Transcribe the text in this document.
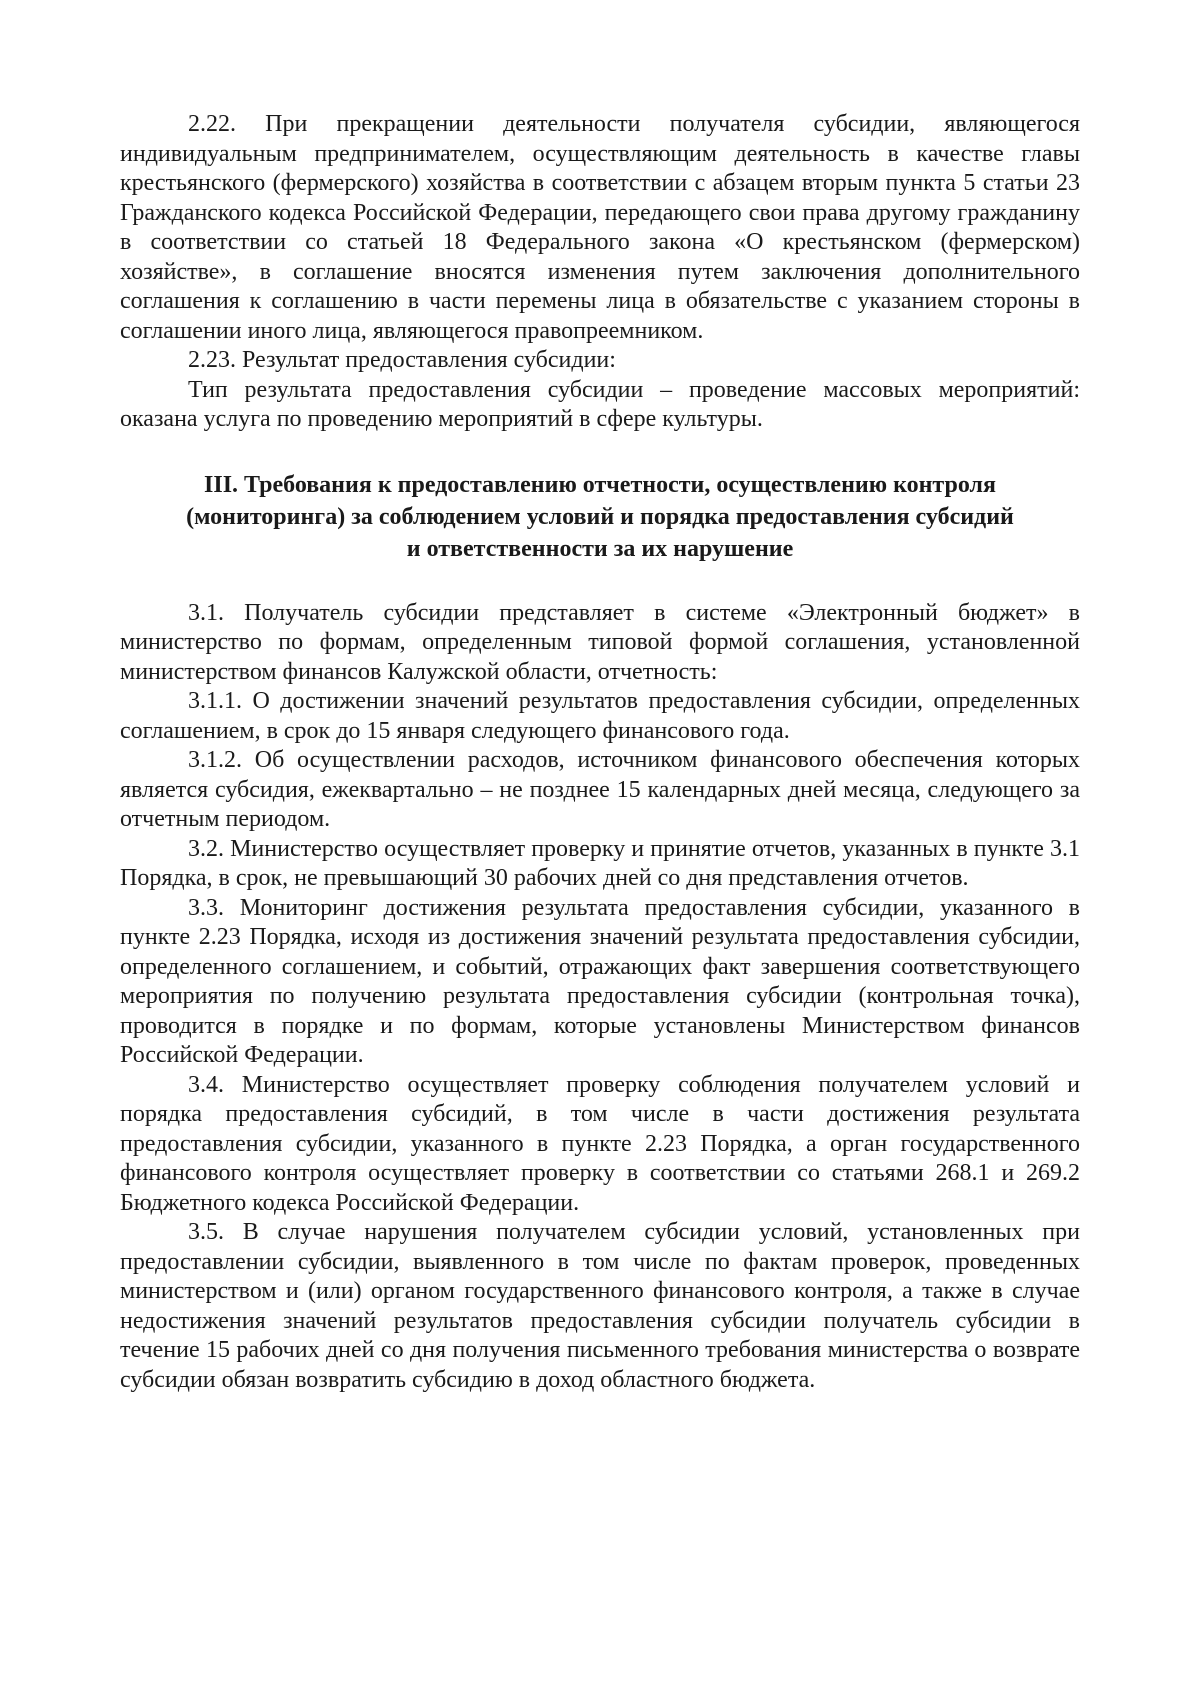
2.22. При прекращении деятельности получателя субсидии, являющегося индивидуальным предпринимателем, осуществляющим деятельность в качестве главы крестьянского (фермерского) хозяйства в соответствии с абзацем вторым пункта 5 статьи 23 Гражданского кодекса Российской Федерации, передающего свои права другому гражданину в соответствии со статьей 18 Федерального закона «О крестьянском (фермерском) хозяйстве», в соглашение вносятся изменения путем заключения дополнительного соглашения к соглашению в части перемены лица в обязательстве с указанием стороны в соглашении иного лица, являющегося правопреемником.

2.23. Результат предоставления субсидии:

Тип результата предоставления субсидии – проведение массовых мероприятий: оказана услуга по проведению мероприятий в сфере культуры.

III. Требования к предоставлению отчетности, осуществлению контроля
(мониторинга) за соблюдением условий и порядка предоставления субсидий
и ответственности за их нарушение

3.1. Получатель субсидии представляет в системе «Электронный бюджет» в министерство по формам, определенным типовой формой соглашения, установленной министерством финансов Калужской области, отчетность:

3.1.1. О достижении значений результатов предоставления субсидии, определенных соглашением, в срок до 15 января следующего финансового года.

3.1.2. Об осуществлении расходов, источником финансового обеспечения которых является субсидия, ежеквартально – не позднее 15 календарных дней месяца, следующего за отчетным периодом.

3.2. Министерство осуществляет проверку и принятие отчетов, указанных в пункте 3.1 Порядка, в срок, не превышающий 30 рабочих дней со дня представления отчетов.

3.3. Мониторинг достижения результата предоставления субсидии, указанного в пункте 2.23 Порядка, исходя из достижения значений результата предоставления субсидии, определенного соглашением, и событий, отражающих факт завершения соответствующего мероприятия по получению результата предоставления субсидии (контрольная точка), проводится в порядке и по формам, которые установлены Министерством финансов Российской Федерации.

3.4. Министерство осуществляет проверку соблюдения получателем условий и порядка предоставления субсидий, в том числе в части достижения результата предоставления субсидии, указанного в пункте 2.23 Порядка, а орган государственного финансового контроля осуществляет проверку в соответствии со статьями 268.1 и 269.2 Бюджетного кодекса Российской Федерации.

3.5. В случае нарушения получателем субсидии условий, установленных при предоставлении субсидии, выявленного в том числе по фактам проверок, проведенных министерством и (или) органом государственного финансового контроля, а также в случае недостижения значений результатов предоставления субсидии получатель субсидии в течение 15 рабочих дней со дня получения письменного требования министерства о возврате субсидии обязан возвратить субсидию в доход областного бюджета.
